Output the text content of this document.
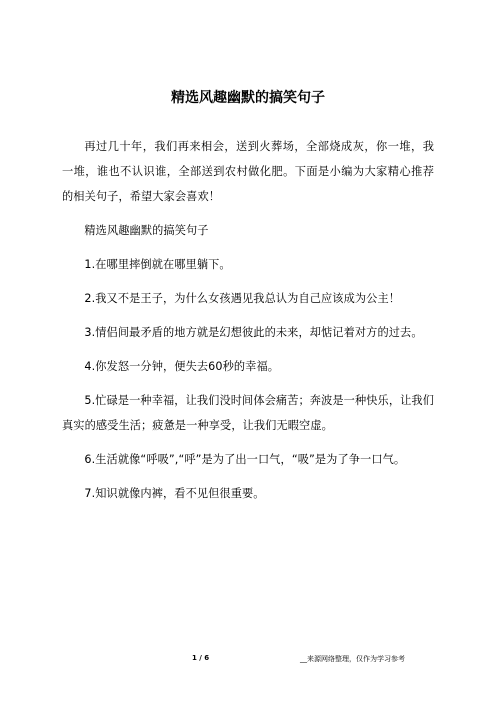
精选风趣幽默的搞笑句子

再过几十年，我们再来相会，送到火葬场，全部烧成灰，你一堆，我一堆，谁也不认识谁，全部送到农村做化肥。下面是小编为大家精心推荐的相关句子，希望大家会喜欢！

精选风趣幽默的搞笑句子

1.在哪里摔倒就在哪里躺下。

2.我又不是王子，为什么女孩遇见我总认为自己应该成为公主！

3.情侣间最矛盾的地方就是幻想彼此的未来，却惦记着对方的过去。

4.你发怒一分钟，便失去60秒的幸福。

5.忙碌是一种幸福，让我们没时间体会痛苦；奔波是一种快乐，让我们真实的感受生活；疲惫是一种享受，让我们无暇空虚。

6.生活就像“呼吸”,“呼”是为了出一口气，“吸”是为了争一口气。

7.知识就像内裤，看不见但很重要。

1 / 6	__来源网络整理，仅作为学习参考
